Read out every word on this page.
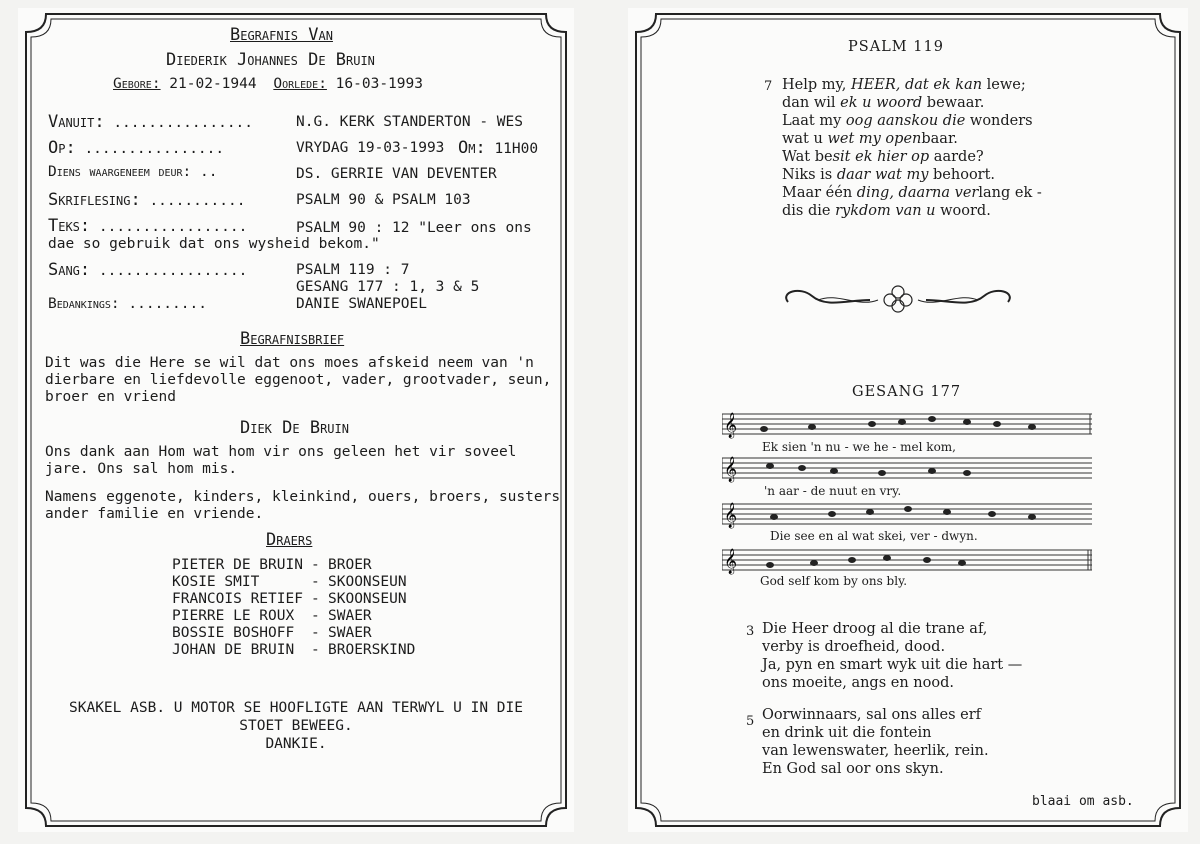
Begrafnis Van
Diederik Johannes De Bruin
Gebore: 21-02-1944 Oorlede: 16-03-1993
Vanuit: ................	N.G. KERK STANDERTON - WES
Op: ................	VRYDAG 19-03-1993 Om: 11H00
Diens waargeneem deur: ..	DS. GERRIE VAN DEVENTER
Skriflesing: ...........	PSALM 90 & PSALM 103
Teks: .................	PSALM 90 : 12 "Leer ons ons
dae so gebruik dat ons wysheid bekom."
Sang: .................	PSALM 119 : 7
GESANG 177 : 1, 3 & 5
Bedankings: .........	DANIE SWANEPOEL
Begrafnisbrief
Dit was die Here se wil dat ons moes afskeid neem van 'n dierbare en liefdevolle eggenoot, vader, grootvader, seun, broer en vriend
Diek De Bruin
Ons dank aan Hom wat hom vir ons geleen het vir soveel jare. Ons sal hom mis.
Namens eggenote, kinders, kleinkind, ouers, broers, susters ander familie en vriende.
Draers
PIETER DE BRUIN - BROER
KOSIE SMIT	- SKOONSEUN
FRANCOIS RETIEF - SKOONSEUN
PIERRE LE ROUX - SWAER
BOSSIE BOSHOFF - SWAER
JOHAN DE BRUIN - BROERSKIND
SKAKEL ASB. U MOTOR SE HOOFLIGTE AAN TERWYL U IN DIE
STOET BEWEEG.
DANKIE.
PSALM 119
7 Help my, HEER, dat ek kan lewe;
dan wil ek u woord bewaar.
Laat my oog aanskou die wonders
wat u wet my openbaar.
Wat besit ek hier op aarde?
Niks is daar wat my behoort.
Maar één ding, daarna verlang ek -
dis die rykdom van u woord.
GESANG 177
𝄞
𝄞
𝄞
𝄞
Ek sien 'n nu - we he - mel kom,
'n aar - de nuut en vry.
Die see en al wat skei, ver - dwyn.
God self kom by ons bly.
3 Die Heer droog al die trane af,
verby is droefheid, dood.
Ja, pyn en smart wyk uit die hart —
ons moeite, angs en nood.
5 Oorwinnaars, sal ons alles erf
en drink uit die fontein
van lewenswater, heerlik, rein.
En God sal oor ons skyn.
blaai om asb.
